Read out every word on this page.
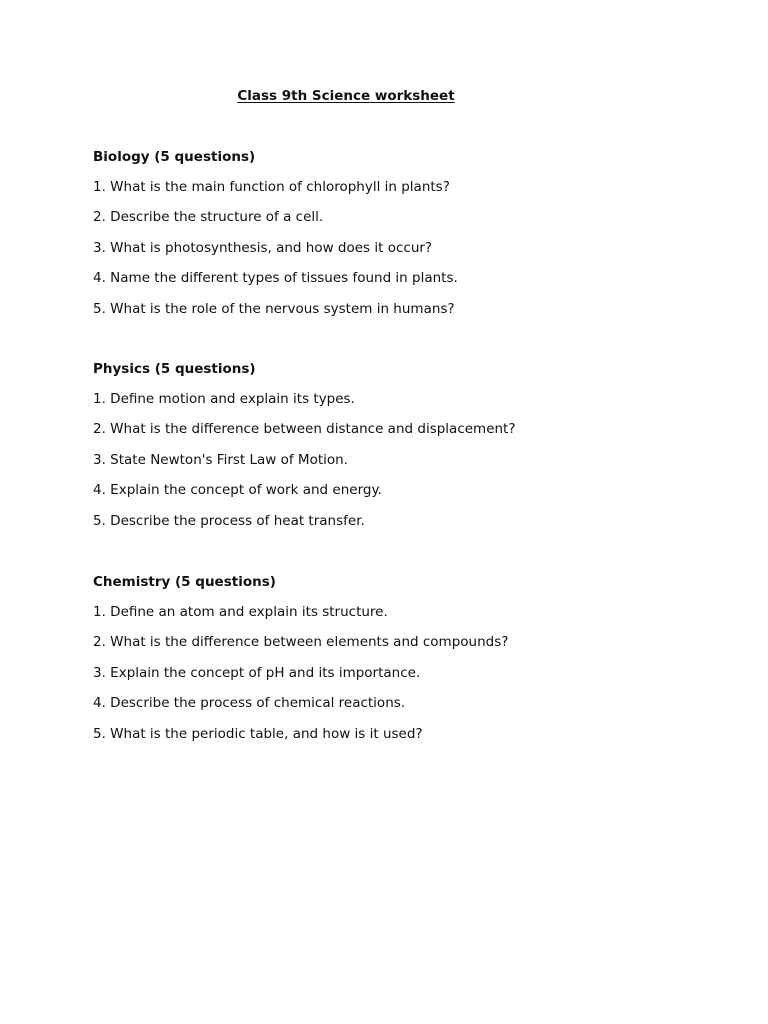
Class 9th Science worksheet
Biology (5 questions)
1. What is the main function of chlorophyll in plants?
2. Describe the structure of a cell.
3. What is photosynthesis, and how does it occur?
4. Name the different types of tissues found in plants.
5. What is the role of the nervous system in humans?
Physics (5 questions)
1. Define motion and explain its types.
2. What is the difference between distance and displacement?
3. State Newton's First Law of Motion.
4. Explain the concept of work and energy.
5. Describe the process of heat transfer.
Chemistry (5 questions)
1. Define an atom and explain its structure.
2. What is the difference between elements and compounds?
3. Explain the concept of pH and its importance.
4. Describe the process of chemical reactions.
5. What is the periodic table, and how is it used?
